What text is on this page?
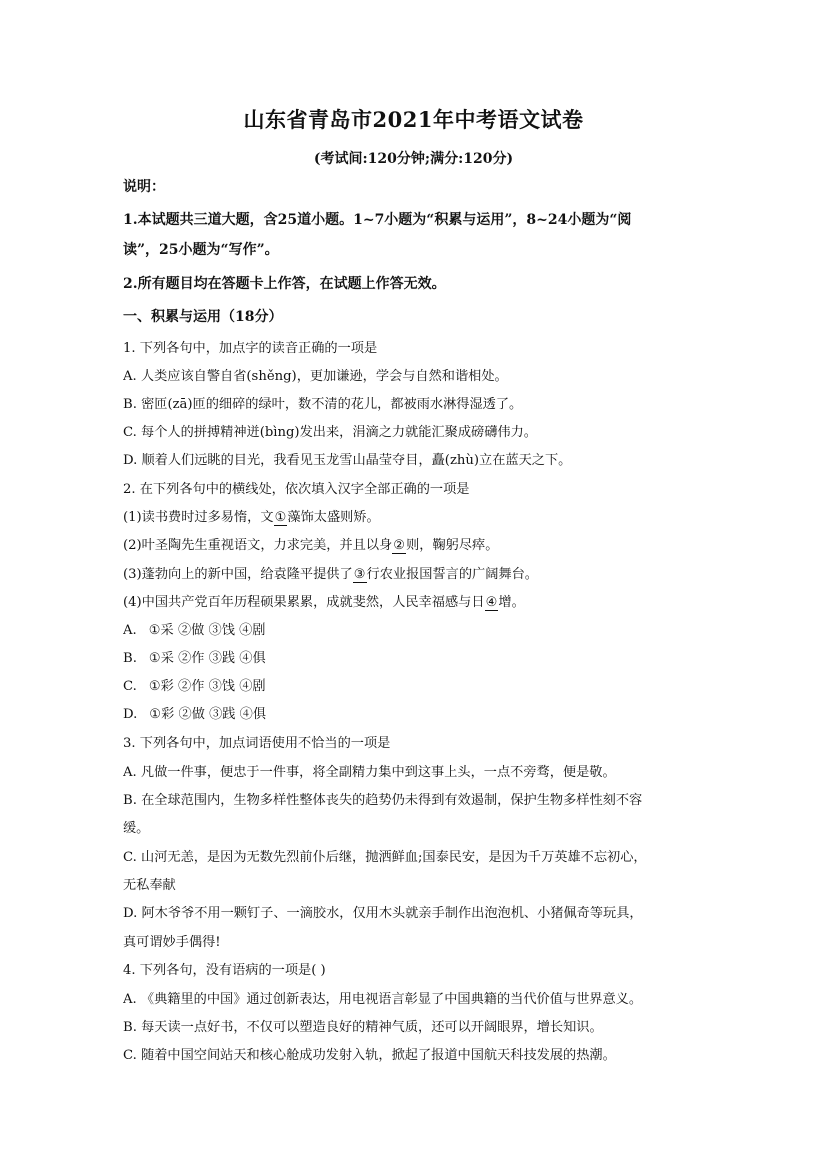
山东省青岛市2021年中考语文试卷
(考试间:120分钟;满分:120分)
说明：
1.本试题共三道大题，含25道小题。1~7小题为“积累与运用”，8~24小题为“阅
读”，25小题为“写作”。
2.所有题目均在答题卡上作答，在试题上作答无效。
一、积累与运用（18分）
1. 下列各句中，加点字的读音正确的一项是
A. 人类应该自警自省(shěng)，更加谦逊，学会与自然和谐相处。
B. 密匝(zā)匝的细碎的绿叶，数不清的花儿，都被雨水淋得湿透了。
C. 每个人的拼搏精神迸(bìng)发出来，涓滴之力就能汇聚成磅礴伟力。
D. 顺着人们远眺的目光，我看见玉龙雪山晶莹夺目，矗(zhù)立在蓝天之下。
2. 在下列各句中的横线处，依次填入汉字全部正确的一项是
(1)读书费时过多易惰，文①藻饰太盛则矫。
(2)叶圣陶先生重视语文，力求完美，并且以身②则，鞠躬尽瘁。
(3)蓬勃向上的新中国，给袁隆平提供了③行农业报国誓言的广阔舞台。
(4)中国共产党百年历程硕果累累，成就斐然，人民幸福感与日④增。
A. ①采 ②做 ③饯 ④剧
B. ①采 ②作 ③践 ④俱
C. ①彩 ②作 ③饯 ④剧
D. ①彩 ②做 ③践 ④俱
3. 下列各句中，加点词语使用不恰当的一项是
A. 凡做一件事，便忠于一件事，将全副精力集中到这事上头，一点不旁骛，便是敬。
B. 在全球范围内，生物多样性整体丧失的趋势仍未得到有效遏制，保护生物多样性刻不容
缓。
C. 山河无恙，是因为无数先烈前仆后继，抛洒鲜血;国泰民安，是因为千万英雄不忘初心，
无私奉献
D. 阿木爷爷不用一颗钉子、一滴胶水，仅用木头就亲手制作出泡泡机、小猪佩奇等玩具，
真可谓妙手偶得!
4. 下列各句，没有语病的一项是( )
A. 《典籍里的中国》通过创新表达，用电视语言彰显了中国典籍的当代价值与世界意义。
B. 每天读一点好书，不仅可以塑造良好的精神气质，还可以开阔眼界，增长知识。
C. 随着中国空间站天和核心舱成功发射入轨，掀起了报道中国航天科技发展的热潮。
